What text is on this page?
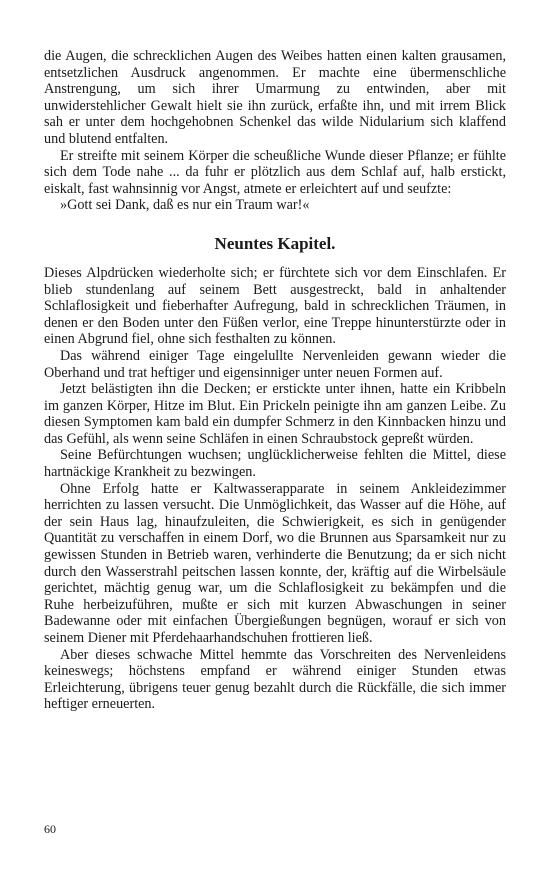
die Augen, die schrecklichen Augen des Weibes hatten einen kalten grausamen, entsetzlichen Ausdruck angenommen. Er machte eine übermenschliche Anstrengung, um sich ihrer Umarmung zu entwinden, aber mit unwiderstehlicher Gewalt hielt sie ihn zurück, erfaßte ihn, und mit irrem Blick sah er unter dem hochgehobnen Schenkel das wilde Nidularium sich klaffend und blutend entfalten.

Er streifte mit seinem Körper die scheußliche Wunde dieser Pflanze; er fühlte sich dem Tode nahe ... da fuhr er plötzlich aus dem Schlaf auf, halb erstickt, eiskalt, fast wahnsinnig vor Angst, atmete er erleichtert auf und seufzte:

»Gott sei Dank, daß es nur ein Traum war!«

Neuntes Kapitel.

Dieses Alpdrücken wiederholte sich; er fürchtete sich vor dem Einschlafen. Er blieb stundenlang auf seinem Bett ausgestreckt, bald in anhaltender Schlaflosigkeit und fieberhafter Aufregung, bald in schrecklichen Träumen, in denen er den Boden unter den Füßen verlor, eine Treppe hinunterstürzte oder in einen Abgrund fiel, ohne sich festhalten zu können.

Das während einiger Tage eingelullte Nervenleiden gewann wieder die Oberhand und trat heftiger und eigensinniger unter neuen Formen auf.

Jetzt belästigten ihn die Decken; er erstickte unter ihnen, hatte ein Kribbeln im ganzen Körper, Hitze im Blut. Ein Prickeln peinigte ihn am ganzen Leibe. Zu diesen Symptomen kam bald ein dumpfer Schmerz in den Kinnbacken hinzu und das Gefühl, als wenn seine Schläfen in einen Schraubstock gepreßt würden.

Seine Befürchtungen wuchsen; unglücklicherweise fehlten die Mittel, diese hartnäckige Krankheit zu bezwingen.

Ohne Erfolg hatte er Kaltwasserapparate in seinem Ankleidezimmer herrichten zu lassen versucht. Die Unmöglichkeit, das Wasser auf die Höhe, auf der sein Haus lag, hinaufzuleiten, die Schwierigkeit, es sich in genügender Quantität zu verschaffen in einem Dorf, wo die Brunnen aus Sparsamkeit nur zu gewissen Stunden in Betrieb waren, verhinderte die Benutzung; da er sich nicht durch den Wasserstrahl peitschen lassen konnte, der, kräftig auf die Wirbelsäule gerichtet, mächtig genug war, um die Schlaflosigkeit zu bekämpfen und die Ruhe herbeizuführen, mußte er sich mit kurzen Abwaschungen in seiner Badewanne oder mit einfachen Übergießungen begnügen, worauf er sich von seinem Diener mit Pferdehaarhandschuhen frottieren ließ.

Aber dieses schwache Mittel hemmte das Vorschreiten des Nervenleidens keineswegs; höchstens empfand er während einiger Stunden etwas Erleichterung, übrigens teuer genug bezahlt durch die Rückfälle, die sich immer heftiger erneuerten.

60
